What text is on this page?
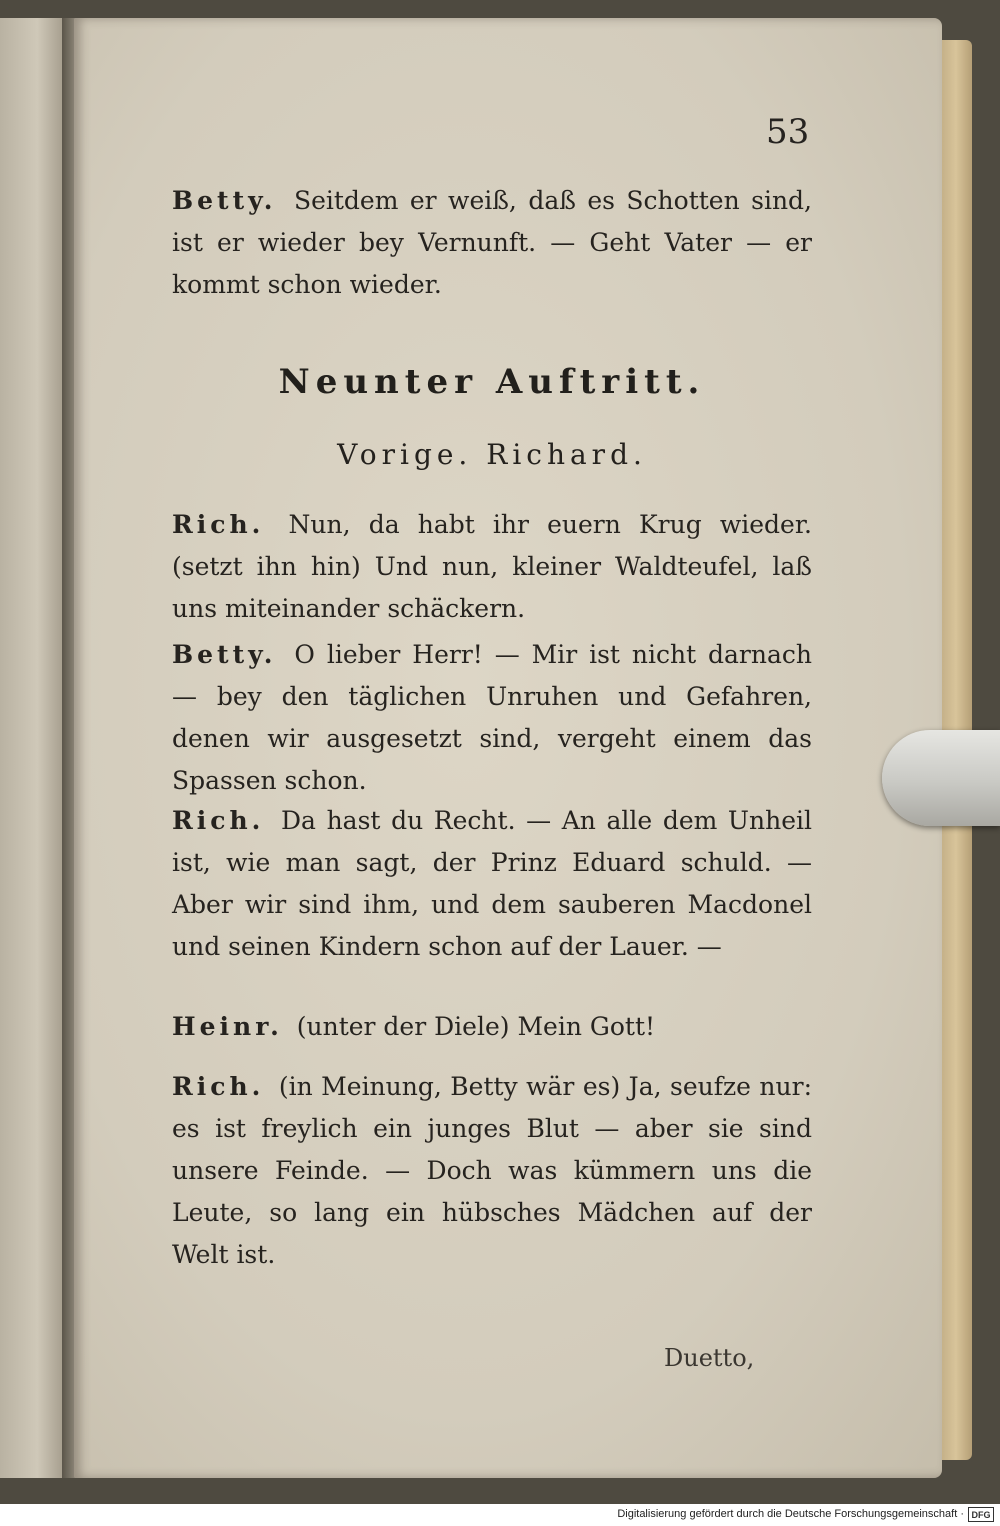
53

Betty. Seitdem er weiß, daß es Schotten sind, ist er wieder bey Vernunft. — Geht Vater — er kommt schon wieder.

Neunter Auftritt.

Vorige. Richard.

Rich. Nun, da habt ihr euern Krug wieder. (setzt ihn hin) Und nun, kleiner Waldteufel, laß uns miteinander schäckern.

Betty. O lieber Herr! — Mir ist nicht darnach — bey den täglichen Unruhen und Gefahren, denen wir ausgesetzt sind, vergeht einem das Spassen schon.

Rich. Da hast du Recht. — An alle dem Unheil ist, wie man sagt, der Prinz Eduard schuld. — Aber wir sind ihm, und dem sauberen Macdonel und seinen Kindern schon auf der Lauer. —

Heinr. (unter der Diele) Mein Gott!

Rich. (in Meinung, Betty wär es) Ja, seufze nur: es ist freylich ein junges Blut — aber sie sind unsere Feinde. — Doch was kümmern uns die Leute, so lang ein hübsches Mädchen auf der Welt ist.

Duetto,

Digitalisierung gefördert durch die Deutsche Forschungsgemeinschaft · DFG
